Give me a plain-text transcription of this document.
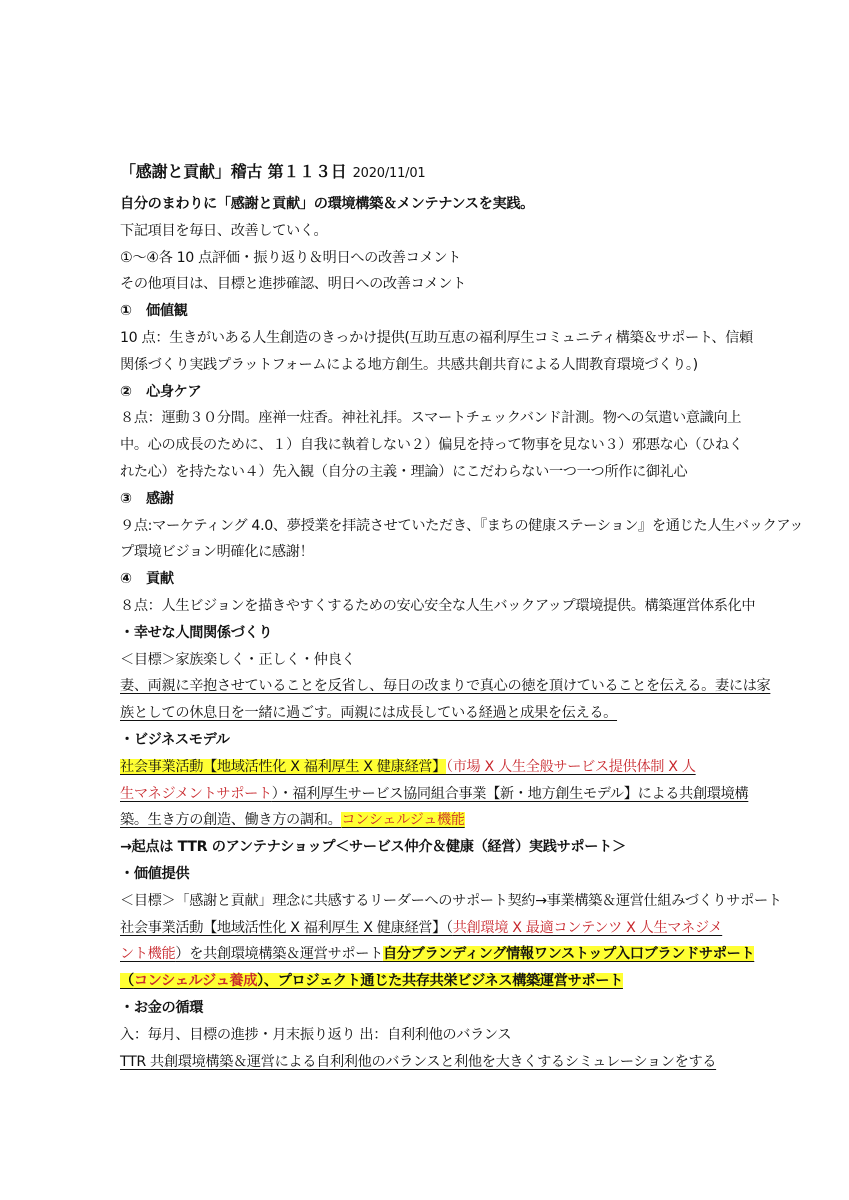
「感謝と貢献」稽古 第１１３日 2020/11/01
自分のまわりに「感謝と貢献」の環境構築＆メンテナンスを実践。
下記項目を毎日、改善していく。
①～④各 10 点評価・振り返り＆明日への改善コメント
その他項目は、目標と進捗確認、明日への改善コメント
① 価値観
10 点：生きがいある人生創造のきっかけ提供(互助互恵の福利厚生コミュニティ構築＆サポート、信頼
関係づくり実践プラットフォームによる地方創生。共感共創共育による人間教育環境づくり。)
② 心身ケア
８点：運動３０分間。座禅一炷香。神社礼拝。スマートチェックバンド計測。物への気遣い意識向上
中。心の成長のために、１）自我に執着しない２）偏見を持って物事を見ない３）邪悪な心（ひねく
れた心）を持たない４）先入観（自分の主義・理論）にこだわらない一つ一つ所作に御礼心
③ 感謝
９点:マーケティング 4.0、夢授業を拝読させていただき、『まちの健康ステーション』を通じた人生バックアッ
プ環境ビジョン明確化に感謝！
④ 貢献
８点：人生ビジョンを描きやすくするための安心安全な人生バックアップ環境提供。構築運営体系化中
・幸せな人間関係づくり
＜目標＞家族楽しく・正しく・仲良く
妻、両親に辛抱させていることを反省し、毎日の改まりで真心の徳を頂けていることを伝える。妻には家
族としての休息日を一緒に過ごす。両親には成長している経過と成果を伝える。
・ビジネスモデル
社会事業活動【地域活性化 X 福利厚生 X 健康経営】（市場 X 人生全般サービス提供体制 X 人
生マネジメントサポート）・福利厚生サービス協同組合事業【新・地方創生モデル】による共創環境構
築。生き方の創造、働き方の調和。コンシェルジュ機能
→起点は TTR のアンテナショップ＜サービス仲介＆健康（経営）実践サポート＞
・価値提供
＜目標＞「感謝と貢献」理念に共感するリーダーへのサポート契約→事業構築＆運営仕組みづくりサポート
社会事業活動【地域活性化 X 福利厚生 X 健康経営】（共創環境 X 最適コンテンツ X 人生マネジメ
ント機能）を共創環境構築＆運営サポート自分ブランディング情報ワンストップ入口ブランドサポート
（コンシェルジュ養成）、プロジェクト通じた共存共栄ビジネス構築運営サポート
・お金の循環
入：毎月、目標の進捗・月末振り返り 出：自利利他のバランス
TTR 共創環境構築＆運営による自利利他のバランスと利他を大きくするシミュレーションをする
